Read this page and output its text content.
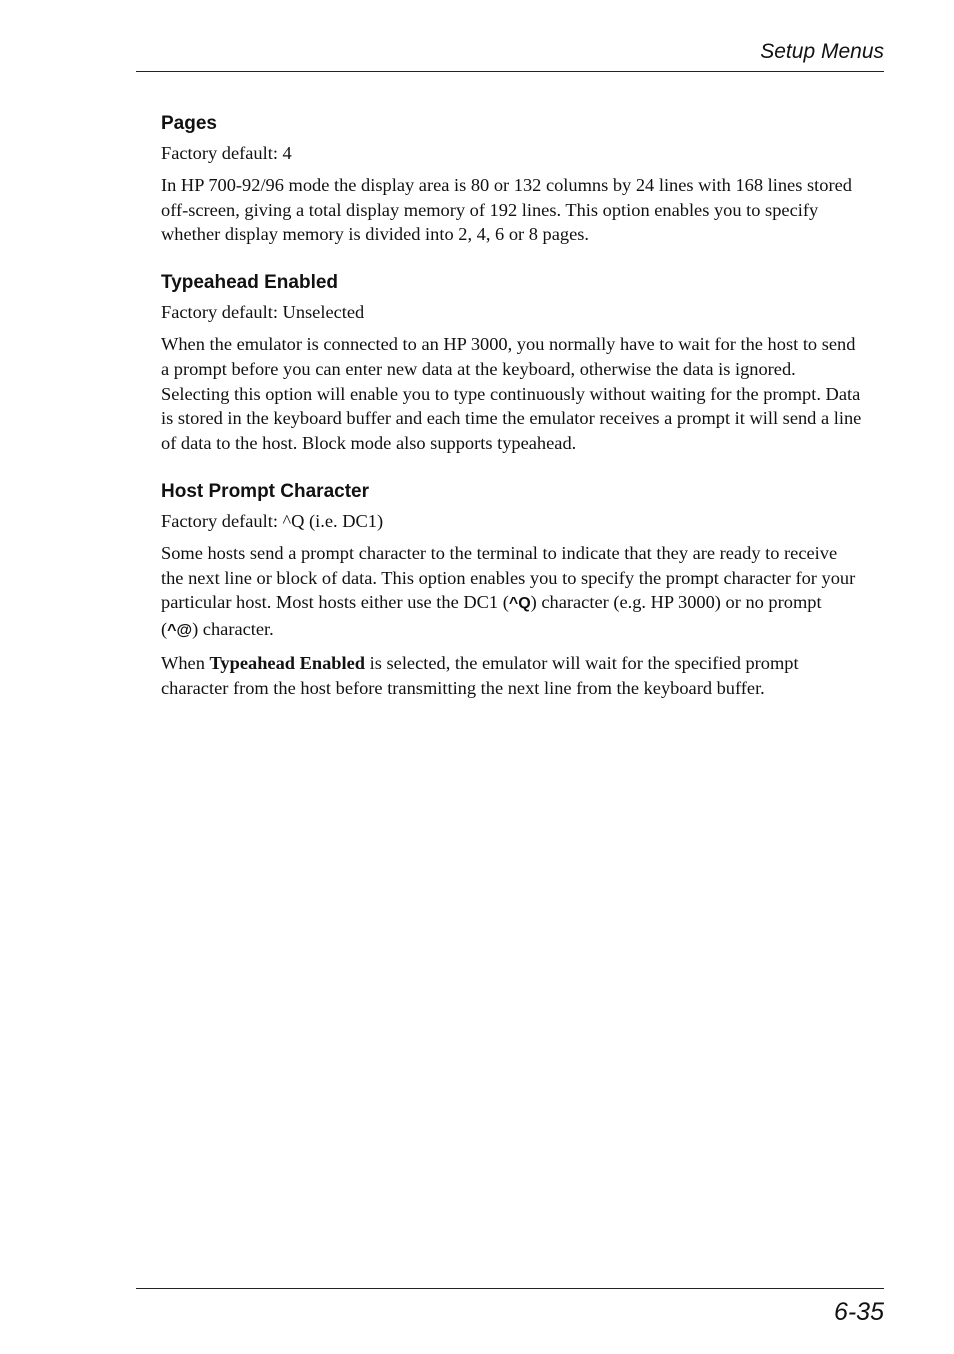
Setup Menus
Pages

Factory default: 4

In HP 700-92/96 mode the display area is 80 or 132 columns by 24 lines with 168 lines stored off-screen, giving a total display memory of 192 lines. This option enables you to specify whether display memory is divided into 2, 4, 6 or 8 pages.

Typeahead Enabled

Factory default: Unselected

When the emulator is connected to an HP 3000, you normally have to wait for the host to send a prompt before you can enter new data at the keyboard, otherwise the data is ignored. Selecting this option will enable you to type continuously without waiting for the prompt. Data is stored in the keyboard buffer and each time the emulator receives a prompt it will send a line of data to the host. Block mode also supports typeahead.

Host Prompt Character

Factory default: ^Q (i.e. DC1)

Some hosts send a prompt character to the terminal to indicate that they are ready to receive the next line or block of data. This option enables you to specify the prompt character for your particular host. Most hosts either use the DC1 (^Q) character (e.g. HP 3000) or no prompt (^@) character.

When Typeahead Enabled is selected, the emulator will wait for the specified prompt character from the host before transmitting the next line from the keyboard buffer.

6-35
